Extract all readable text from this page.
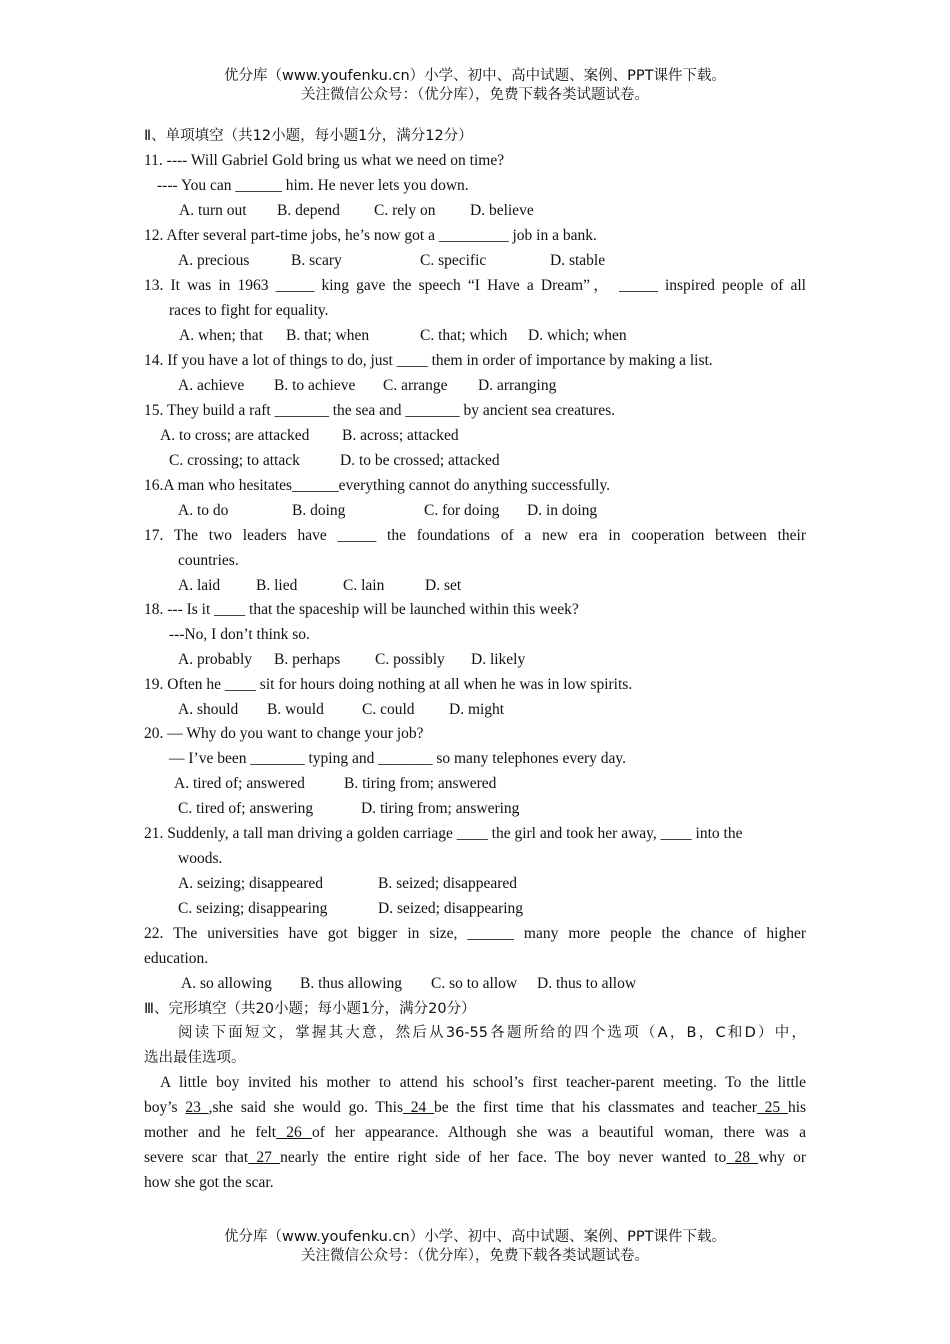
优分库（www.youfenku.cn）小学、初中、高中试题、案例、PPT课件下载。
关注微信公众号：（优分库），免费下载各类试题试卷。
Ⅱ、单项填空（共12小题，每小题1分，满分12分）
11. ---- Will Gabriel Gold bring us what we need on time?
---- You can ______ him. He never lets you down.
A. turn out B. depend C. rely on D. believe
12. After several part-time jobs, he’s now got a _________ job in a bank.
A. precious	B. scary	C. specific	D. stable
13. It was in 1963 _____ king gave the speech “I Have a Dream”， _____ inspired people of all
races to fight for equality.
A. when; that B. that; when	C. that; which D. which; when
14. If you have a lot of things to do, just ____ them in order of importance by making a list.
A. achieve B. to achieve C. arrange D. arranging
15. They build a raft _______ the sea and _______ by ancient sea creatures.
A. to cross; are attacked B. across; attacked
C. crossing; to attack	D. to be crossed; attacked
16.A man who hesitates______everything cannot do anything successfully.
A. to do	B. doing	C. for doing D. in doing
17. The two leaders have _____ the foundations of a new era in cooperation between their
countries.
A. laid B. lied	C. lain	D. set
18. --- Is it ____ that the spaceship will be launched within this week?
---No, I don’t think so.
A. probably B. perhaps C. possibly D. likely
19. Often he ____ sit for hours doing nothing at all when he was in low spirits.
A. should B. would C. could D. might
20. — Why do you want to change your job?
— I’ve been _______ typing and _______ so many telephones every day.
A. tired of; answered	B. tiring from; answered
C. tired of; answering	D. tiring from; answering
21. Suddenly, a tall man driving a golden carriage ____ the girl and took her away, ____ into the
woods.
A. seizing; disappeared	B. seized; disappeared
C. seizing; disappearing	D. seized; disappearing
22. The universities have got bigger in size, ______ many more people the chance of higher
education.
A. so allowing B. thus allowing C. so to allow D. thus to allow
Ⅲ、完形填空（共20小题；每小题1分，满分20分）
阅读下面短文，掌握其大意，然后从36-55各题所给的四个选项（A，B，C和D）中，
选出最佳选项。
A little boy invited his mother to attend his school’s first teacher-parent meeting. To the little
boy’s 23 ,she said she would go. This 24 be the first time that his classmates and teacher 25 his
mother and he felt 26 of her appearance. Although she was a beautiful woman, there was a
severe scar that 27 nearly the entire right side of her face. The boy never wanted to 28 why or
how she got the scar.
优分库（www.youfenku.cn）小学、初中、高中试题、案例、PPT课件下载。
关注微信公众号：（优分库），免费下载各类试题试卷。
